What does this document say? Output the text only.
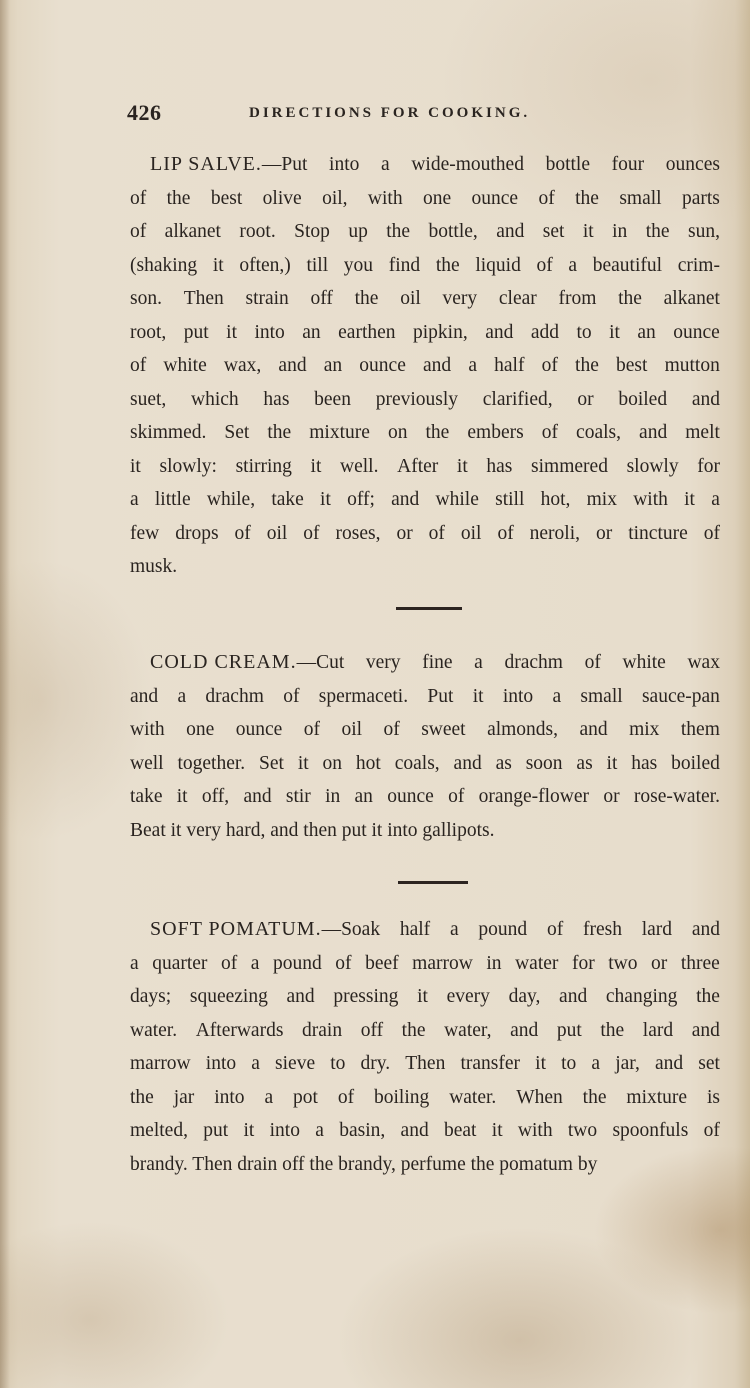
426	DIRECTIONS FOR COOKING.
LIP SALVE.—Put into a wide-mouthed bottle four ounces
of the best olive oil, with one ounce of the small parts
of alkanet root. Stop up the bottle, and set it in the sun,
(shaking it often,) till you find the liquid of a beautiful crim-
son. Then strain off the oil very clear from the alkanet
root, put it into an earthen pipkin, and add to it an ounce
of white wax, and an ounce and a half of the best mutton
suet, which has been previously clarified, or boiled and
skimmed. Set the mixture on the embers of coals, and melt
it slowly: stirring it well. After it has simmered slowly for
a little while, take it off; and while still hot, mix with it a
few drops of oil of roses, or of oil of neroli, or tincture of
musk.
COLD CREAM.—Cut very fine a drachm of white wax
and a drachm of spermaceti. Put it into a small sauce-pan
with one ounce of oil of sweet almonds, and mix them
well together. Set it on hot coals, and as soon as it has boiled
take it off, and stir in an ounce of orange-flower or rose-water.
Beat it very hard, and then put it into gallipots.
SOFT POMATUM.—Soak half a pound of fresh lard and
a quarter of a pound of beef marrow in water for two or three
days; squeezing and pressing it every day, and changing the
water. Afterwards drain off the water, and put the lard and
marrow into a sieve to dry. Then transfer it to a jar, and set
the jar into a pot of boiling water. When the mixture is
melted, put it into a basin, and beat it with two spoonfuls of
brandy. Then drain off the brandy, perfume the pomatum by
